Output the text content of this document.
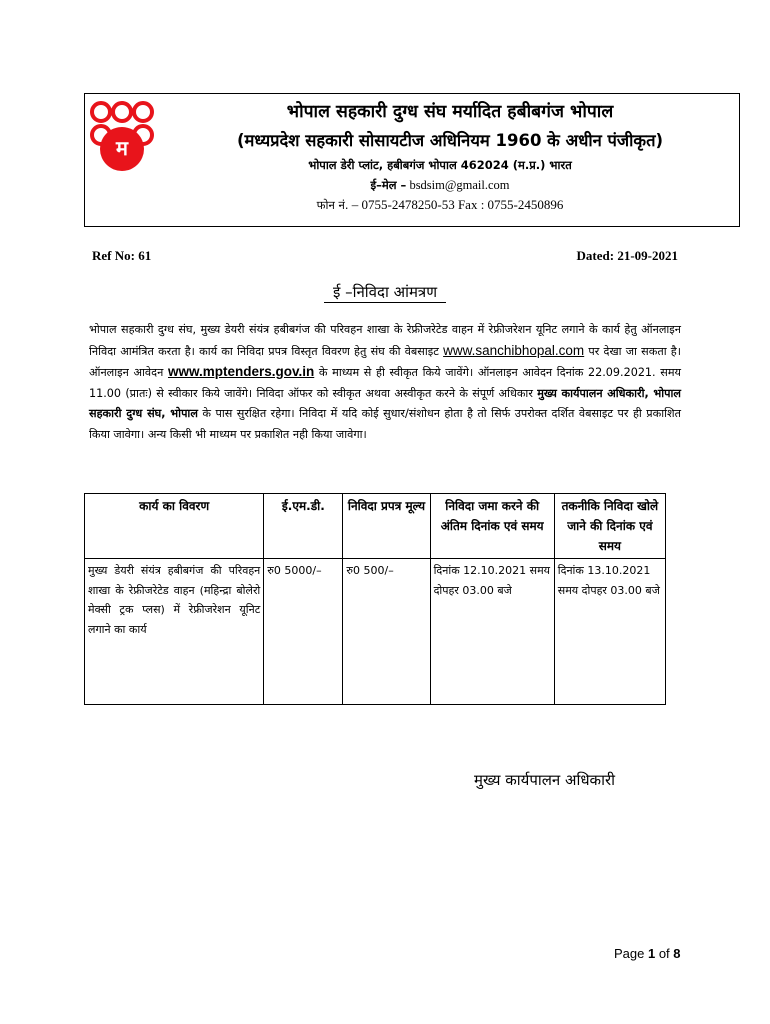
म
भोपाल सहकारी दुग्ध संघ मर्यादित हबीबगंज भोपाल
(मध्यप्रदेश सहकारी सोसायटीज अधिनियम 1960 के अधीन पंजीकृत)
भोपाल डेरी प्लांट, हबीबगंज भोपाल 462024 (म.प्र.) भारत
ई–मेल – bsdsim@gmail.com
फोन नं. – 0755-2478250-53 Fax : 0755-2450896
Ref No: 61	Dated: 21-09-2021
ई –निविदा आंमत्रण
भोपाल सहकारी दुग्ध संघ, मुख्य डेयरी संयंत्र हबीबगंज की परिवहन शाखा के रेफ्रीजरेटेड वाहन में रेफ्रीजरेशन यूनिट लगाने के कार्य हेतु ऑनलाइन निविदा आमंत्रित करता है। कार्य का निविदा प्रपत्र विस्तृत विवरण हेतु संघ की वेबसाइट www.sanchibhopal.com पर देखा जा सकता है। ऑनलाइन आवेदन www.mptenders.gov.in के माध्यम से ही स्वीकृत किये जावेंगे। ऑनलाइन आवेदन दिनांक 22.09.2021. समय 11.00 (प्रातः) से स्वीकार किये जावेंगे। निविदा ऑफर को स्वीकृत अथवा अस्वीकृत करने के संपूर्ण अधिकार मुख्य कार्यपालन अधिकारी, भोपाल सहकारी दुग्ध संघ, भोपाल के पास सुरक्षित रहेगा। निविदा में यदि कोई सुधार/संशोधन होता है तो सिर्फ उपरोक्त दर्शित वेबसाइट पर ही प्रकाशित किया जावेगा। अन्य किसी भी माध्यम पर प्रकाशित नही किया जावेगा।
कार्य का विवरण	ई.एम.डी.	निविदा प्रपत्र मूल्य	निविदा जमा करने की अंतिम दिनांक एवं समय	तकनीकि निविदा खोले जाने की दिनांक एवं समय
मुख्य डेयरी संयंत्र हबीबगंज की परिवहन शाखा के रेफ्रीजरेटेड वाहन (महिन्द्रा बोलेरो मेक्सी ट्रक प्लस) में रेफ्रीजरेशन यूनिट लगाने का कार्य	रु0 5000/–	रु0 500/–	दिनांक 12.10.2021 समय दोपहर 03.00 बजे	दिनांक 13.10.2021 समय दोपहर 03.00 बजे
मुख्य कार्यपालन अधिकारी
Page 1 of 8
